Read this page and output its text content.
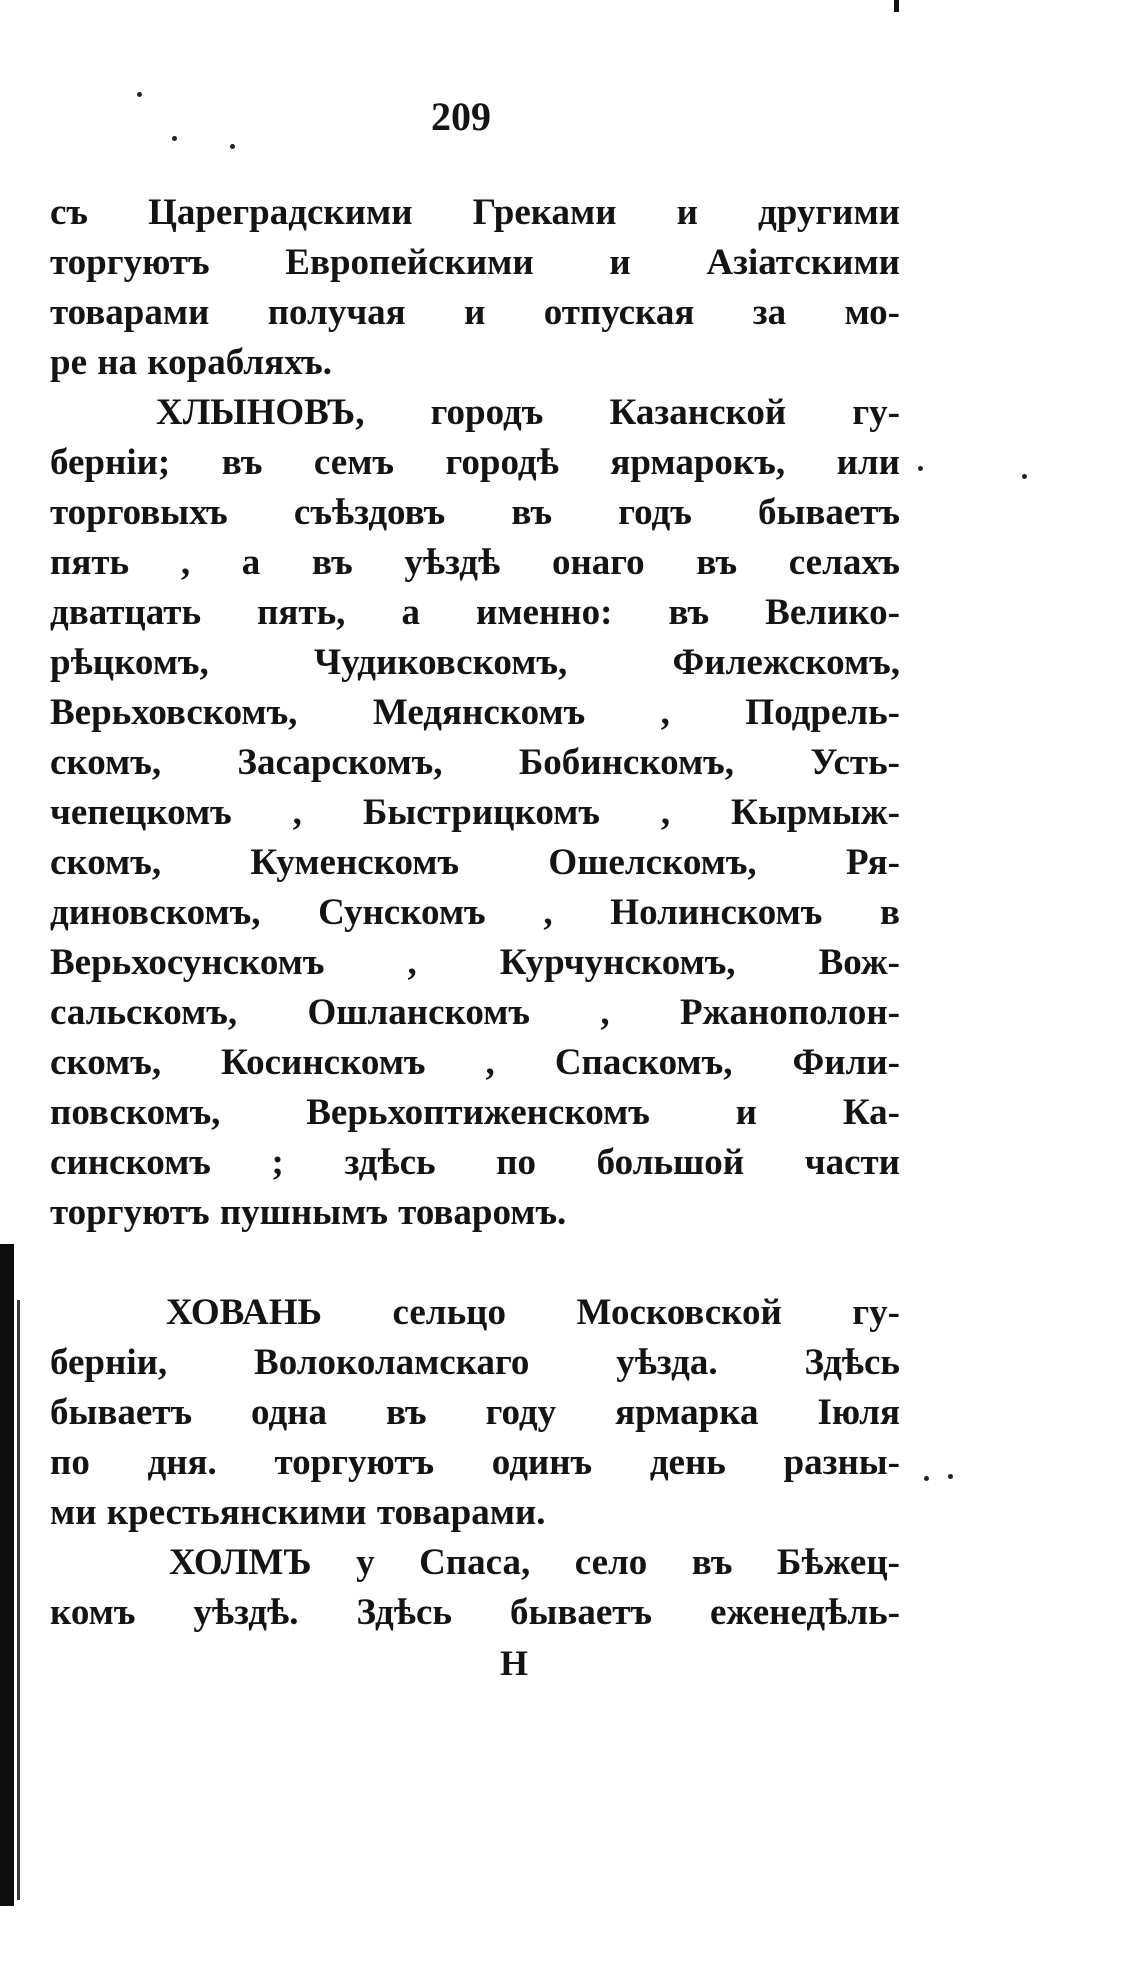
209
съ Цареградскими Греками и другими
торгуютъ Европейскими и Азіатскими
товарами получая и отпуская за мо-
ре на корабляхъ.
ХЛЫНОВЪ, городъ Казанской гу-
берніи; въ семъ городѣ ярмарокъ, или
торговыхъ съѣздовъ въ годъ бываетъ
пять , а въ уѣздѣ онаго въ селахъ
дватцать пять, а именно: въ Велико-
рѣцкомъ, Чудиковскомъ, Филежскомъ,
Верьховскомъ, Медянскомъ , Подрель-
скомъ, Засарскомъ, Бобинскомъ, Усть-
чепецкомъ , Быстрицкомъ , Кырмыж-
скомъ, Куменскомъ Ошелскомъ, Ря-
диновскомъ, Сунскомъ , Нолинскомъ в
Верьхосунскомъ , Курчунскомъ, Вож-
сальскомъ, Ошланскомъ , Ржанополон-
скомъ, Косинскомъ , Спаскомъ, Фили-
повскомъ, Верьхоптиженскомъ и Ка-
синскомъ ; здѣсь по большой части
торгуютъ пушнымъ товаромъ.
ХОВАНЬ сельцо Московской гу-
берніи, Волоколамскаго уѣзда. Здѣсь
бываетъ одна въ году ярмарка Іюля
по дня. торгуютъ одинъ день разны-
ми крестьянскими товарами.
ХОЛМЪ у Спаса, село въ Бѣжец-
комъ уѣздѣ. Здѣсь бываетъ еженедѣль-
Н
